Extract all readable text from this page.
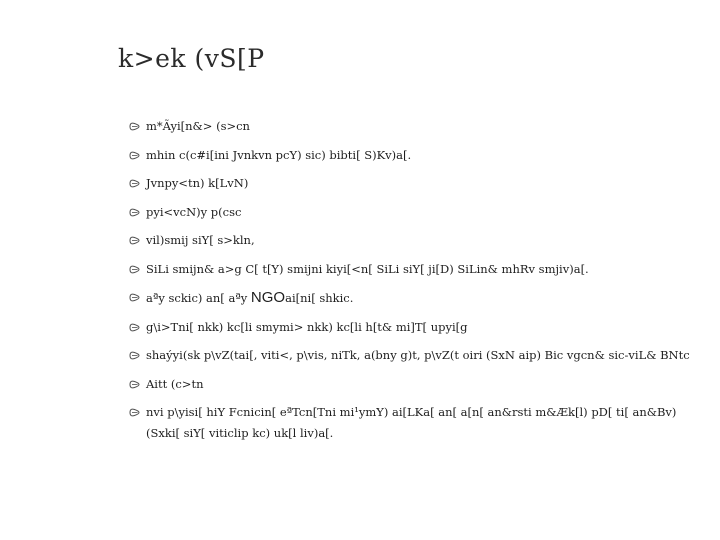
k>ek (vS[P
m*Ãyi[n&> (s>cn
mhin c(c#i[ini Jvnkvn pcY) sic) bibti[ S)Kv)a[.
Jvnpy<tn) k[LvN)
pyi<vcN)y p(csc
vil)smij siY[ s>kln,
SiLi smijn& a>g C[ t[Y) smijni kiyi[<n[ SiLi siY[ ji[D) SiLin& mhRv smjiv)a[.
aªy sckic) an[ aªy NGOai[ni[ shkic.
g\i>Tni[ nkk) kc[li smymi> nkk) kc[li h[t& mi]T[ upyi[g
shaýyi(sk p\vZ(tai[, viti<, p\vis, niTk, a(bny g)t, p\vZ(t oiri (SxN aip) Bic vgcn& sic-viL& BNtc
Aitt (c>tn
nvi p\yisi[ hiY Fcnicin[ eªTcn[Tni mi¹ymY) ai[LKa[ an[ a[n[ an&rsti m&Æk[l) pD[ ti[ an&Bv) (Sxki[ siY[ viticlip kc) uk[l liv)a[.
